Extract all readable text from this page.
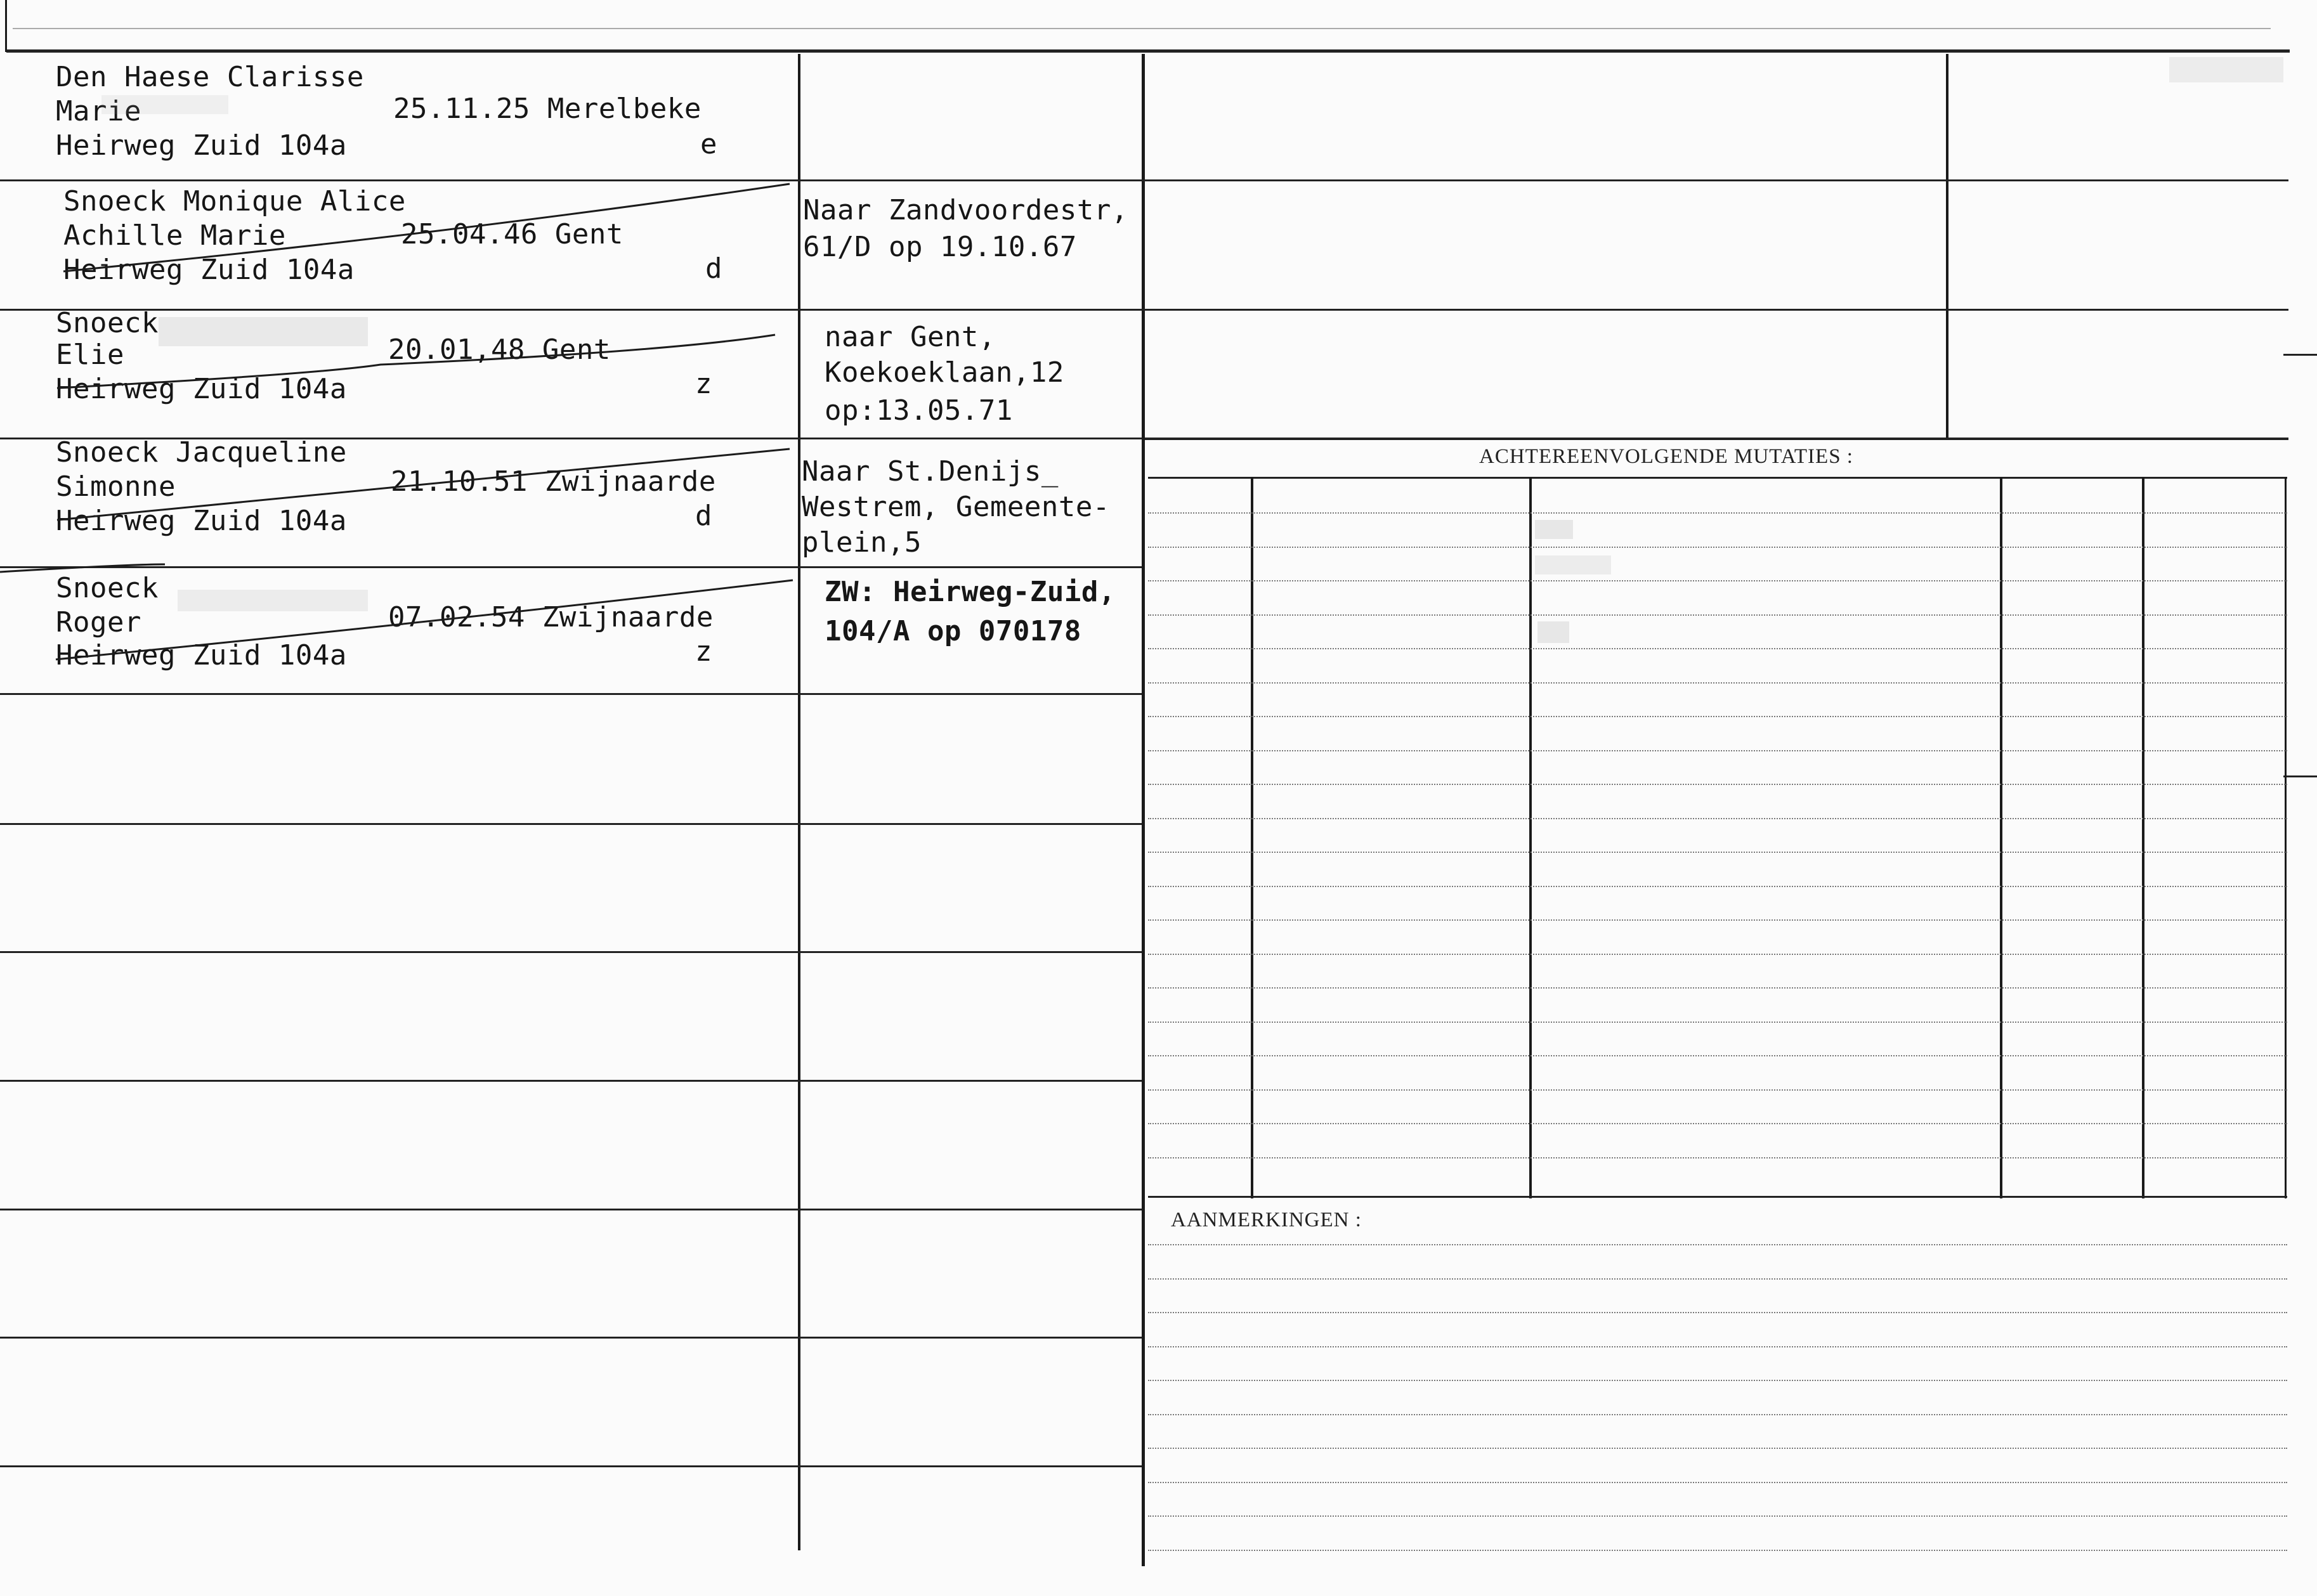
Den Haese Clarisse
Marie
Heirweg Zuid 104a
25.11.25 Merelbeke
e
Snoeck Monique Alice
Achille Marie
Heirweg Zuid 104a
25.04.46 Gent
d
Naar Zandvoordestr,
61/D op 19.10.67
Snoeck
Elie
Heirweg Zuid 104a
20.01,48 Gent
z
naar Gent,
Koekoeklaan,12
op:13.05.71
Snoeck Jacqueline
Simonne
Heirweg Zuid 104a
21.10.51 Zwijnaarde
d
Naar St.Denijs_
Westrem, Gemeente-
plein,5
Snoeck
Roger
Heirweg Zuid 104a
07.02.54 Zwijnaarde
z
ZW: Heirweg-Zuid,
104/A op 070178
ACHTEREENVOLGENDE MUTATIES :
AANMERKINGEN :
